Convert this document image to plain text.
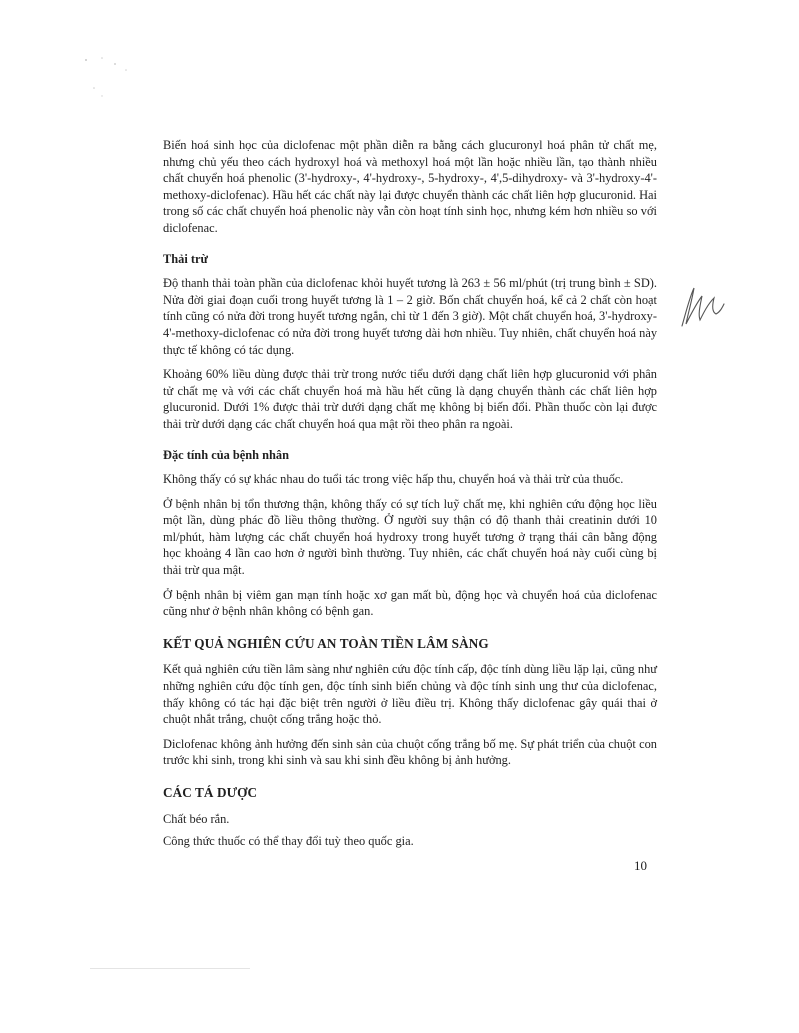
Biến hoá sinh học của diclofenac một phần diễn ra bằng cách glucuronyl hoá phân tử chất mẹ, nhưng chủ yếu theo cách hydroxyl hoá và methoxyl hoá một lần hoặc nhiều lần, tạo thành nhiều chất chuyển hoá phenolic (3'-hydroxy-, 4'-hydroxy-, 5-hydroxy-, 4',5-dihydroxy- và 3'-hydroxy-4'-methoxy-diclofenac). Hầu hết các chất này lại được chuyển thành các chất liên hợp glucuronid. Hai trong số các chất chuyển hoá phenolic này vẫn còn hoạt tính sinh học, nhưng kém hơn nhiều so với diclofenac.

Thải trừ

Độ thanh thải toàn phần của diclofenac khỏi huyết tương là 263 ± 56 ml/phút (trị trung bình ± SD). Nửa đời giai đoạn cuối trong huyết tương là 1 – 2 giờ. Bốn chất chuyển hoá, kể cả 2 chất còn hoạt tính cũng có nửa đời trong huyết tương ngắn, chỉ từ 1 đến 3 giờ). Một chất chuyển hoá, 3'-hydroxy-4'-methoxy-diclofenac có nửa đời trong huyết tương dài hơn nhiều. Tuy nhiên, chất chuyển hoá này thực tế không có tác dụng.

Khoảng 60% liều dùng được thải trừ trong nước tiểu dưới dạng chất liên hợp glucuronid với phân tử chất mẹ và với các chất chuyển hoá mà hầu hết cũng là dạng chuyển thành các chất liên hợp glucuronid. Dưới 1% được thải trừ dưới dạng chất mẹ không bị biến đổi. Phần thuốc còn lại được thải trừ dưới dạng các chất chuyển hoá qua mật rồi theo phân ra ngoài.

Đặc tính của bệnh nhân

Không thấy có sự khác nhau do tuổi tác trong việc hấp thu, chuyển hoá và thải trừ của thuốc.

Ở bệnh nhân bị tổn thương thận, không thấy có sự tích luỹ chất mẹ, khi nghiên cứu động học liều một lần, dùng phác đồ liều thông thường. Ở người suy thận có độ thanh thải creatinin dưới 10 ml/phút, hàm lượng các chất chuyển hoá hydroxy trong huyết tương ở trạng thái cân bằng động học khoảng 4 lần cao hơn ở người bình thường. Tuy nhiên, các chất chuyển hoá này cuối cùng bị thải trừ qua mật.

Ở bệnh nhân bị viêm gan mạn tính hoặc xơ gan mất bù, động học và chuyển hoá của diclofenac cũng như ở bệnh nhân không có bệnh gan.

KẾT QUẢ NGHIÊN CỨU AN TOÀN TIỀN LÂM SÀNG

Kết quả nghiên cứu tiền lâm sàng như nghiên cứu độc tính cấp, độc tính dùng liều lặp lại, cũng như những nghiên cứu độc tính gen, độc tính sinh biến chủng và độc tính sinh ung thư của diclofenac, thấy không có tác hại đặc biệt trên người ở liều điều trị. Không thấy diclofenac gây quái thai ở chuột nhắt trắng, chuột cống trắng hoặc thỏ.

Diclofenac không ảnh hưởng đến sinh sản của chuột cống trắng bố mẹ. Sự phát triển của chuột con trước khi sinh, trong khi sinh và sau khi sinh đều không bị ảnh hưởng.

CÁC TÁ DƯỢC

Chất béo rắn.

Công thức thuốc có thể thay đổi tuỳ theo quốc gia.

10
